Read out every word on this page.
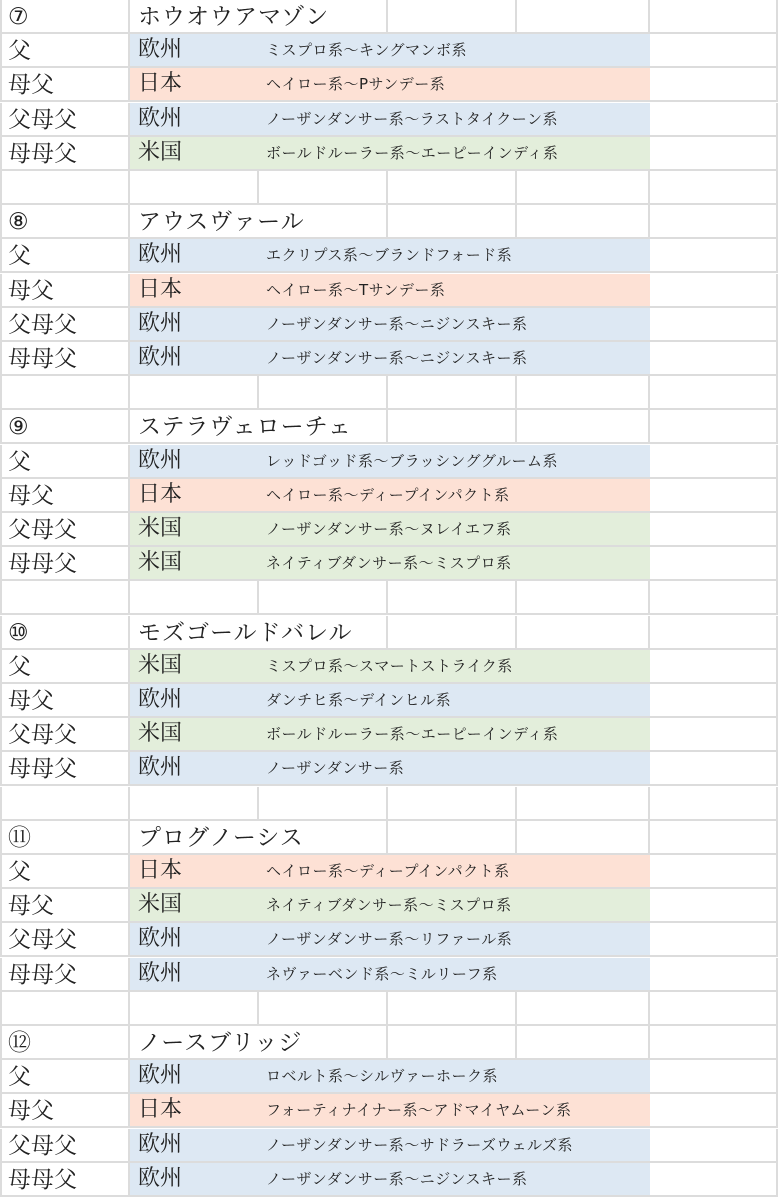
⑦	ホウオウアマゾン
父	欧州	ミスプロ系〜キングマンボ系
母父	日本	ヘイロー系〜Pサンデー系
父母父	欧州	ノーザンダンサー系〜ラストタイクーン系
母母父	米国	ボールドルーラー系〜エーピーインディ系
⑧	アウスヴァール
父	欧州	エクリプス系〜ブランドフォード系
母父	日本	ヘイロー系〜Tサンデー系
父母父	欧州	ノーザンダンサー系〜ニジンスキー系
母母父	欧州	ノーザンダンサー系〜ニジンスキー系
⑨	ステラヴェローチェ
父	欧州	レッドゴッド系〜ブラッシンググルーム系
母父	日本	ヘイロー系〜ディープインパクト系
父母父	米国	ノーザンダンサー系〜ヌレイエフ系
母母父	米国	ネイティブダンサー系〜ミスプロ系
⑩	モズゴールドバレル
父	米国	ミスプロ系〜スマートストライク系
母父	欧州	ダンチヒ系〜デインヒル系
父母父	米国	ボールドルーラー系〜エーピーインディ系
母母父	欧州	ノーザンダンサー系
⑪	プログノーシス
父	日本	ヘイロー系〜ディープインパクト系
母父	米国	ネイティブダンサー系〜ミスプロ系
父母父	欧州	ノーザンダンサー系〜リファール系
母母父	欧州	ネヴァーベンド系〜ミルリーフ系
⑫	ノースブリッジ
父	欧州	ロベルト系〜シルヴァーホーク系
母父	日本	フォーティナイナー系〜アドマイヤムーン系
父母父	欧州	ノーザンダンサー系〜サドラーズウェルズ系
母母父	欧州	ノーザンダンサー系〜ニジンスキー系
